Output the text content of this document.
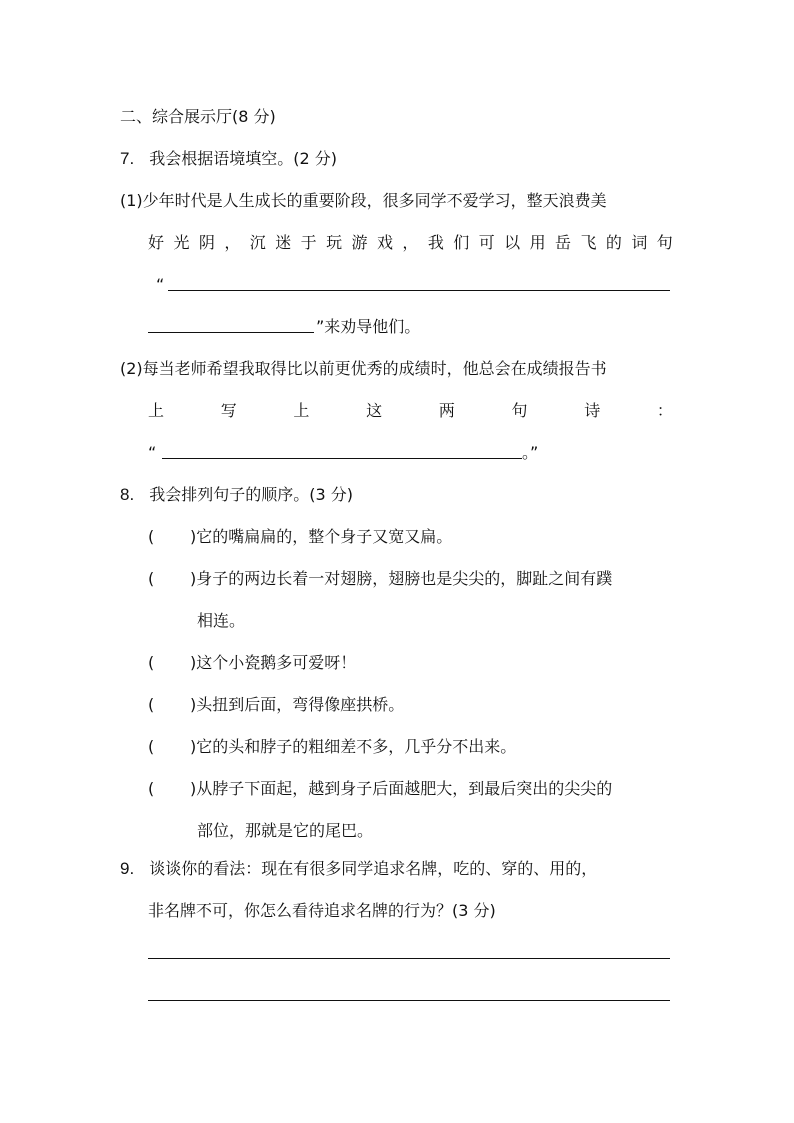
二、综合展示厅(8 分)
7. 我会根据语境填空。(2 分)
(1)少年时代是人生成长的重要阶段，很多同学不爱学习，整天浪费美
好 光 阴 ， 沉 迷 于 玩 游 戏 ， 我 们 可 以 用 岳 飞 的 词 句
“
”来劝导他们。
(2)每当老师希望我取得比以前更优秀的成绩时，他总会在成绩报告书
上	写	上	这	两	句	诗	：
“	。”
8. 我会排列句子的顺序。(3 分)
( )它的嘴扁扁的，整个身子又宽又扁。
( )身子的两边长着一对翅膀，翅膀也是尖尖的，脚趾之间有蹼
相连。
( )这个小瓷鹅多可爱呀！
( )头扭到后面，弯得像座拱桥。
( )它的头和脖子的粗细差不多，几乎分不出来。
( )从脖子下面起，越到身子后面越肥大，到最后突出的尖尖的
部位，那就是它的尾巴。
9. 谈谈你的看法：现在有很多同学追求名牌，吃的、穿的、用的，
非名牌不可，你怎么看待追求名牌的行为？(3 分)
